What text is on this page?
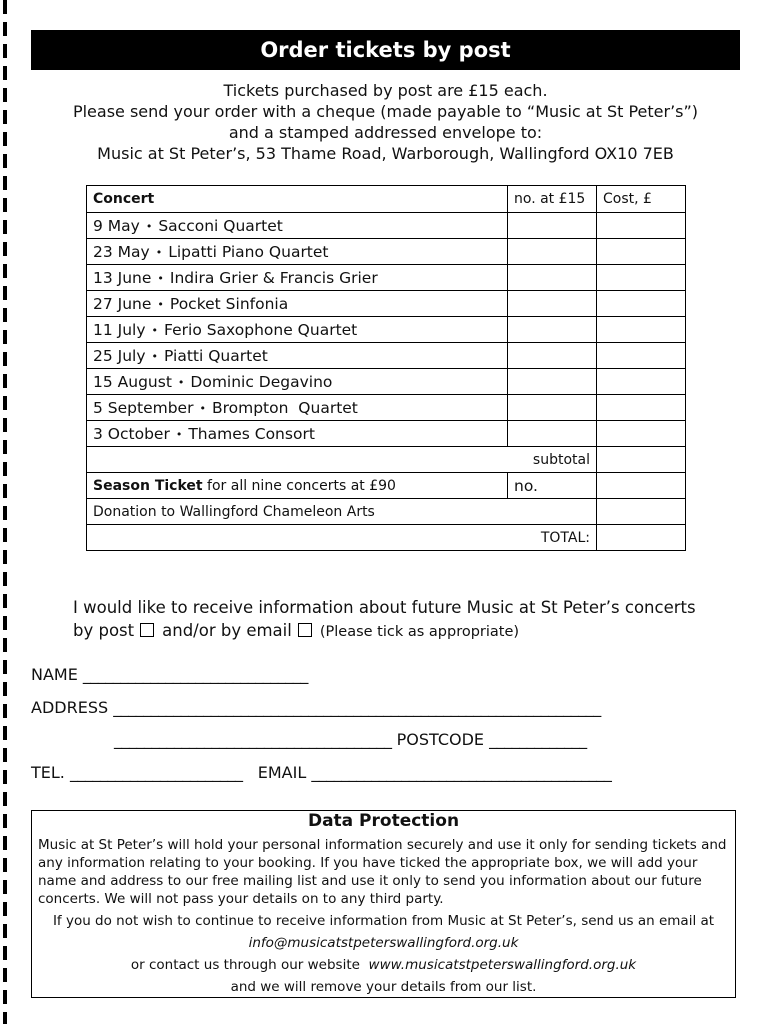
Order tickets by post
Tickets purchased by post are £15 each.
Please send your order with a cheque (made payable to “Music at St Peter’s”)
and a stamped addressed envelope to:
Music at St Peter’s, 53 Thame Road, Warborough, Wallingford OX10 7EB
Concert	no. at £15	Cost, £
9 May • Sacconi Quartet		
23 May • Lipatti Piano Quartet		
13 June • Indira Grier & Francis Grier		
27 June • Pocket Sinfonia		
11 July • Ferio Saxophone Quartet		
25 July • Piatti Quartet		
15 August • Dominic Degavino		
5 September • Brompton  Quartet		
3 October • Thames Consort		
subtotal		
Season Ticket for all nine concerts at £90	no.	
Donation to Wallingford Chameleon Arts		
TOTAL:		
I would like to receive information about future Music at St Peter’s concerts
by post and/or by email (Please tick as appropriate)
NAME ______________________________
ADDRESS _________________________________________________________________
_____________________________________ POSTCODE _____________
TEL. _______________________ EMAIL ________________________________________
Data Protection
Music at St Peter’s will hold your personal information securely and use it only for sending tickets and any information relating to your booking. If you have ticked the appropriate box, we will add your name and address to our free mailing list and use it only to send you information about our future concerts. We will not pass your details on to any third party.
If you do not wish to continue to receive information from Music at St Peter’s, send us an email at
info@musicatstpeterswallingford.org.uk
or contact us through our website www.musicatstpeterswallingford.org.uk
and we will remove your details from our list.
